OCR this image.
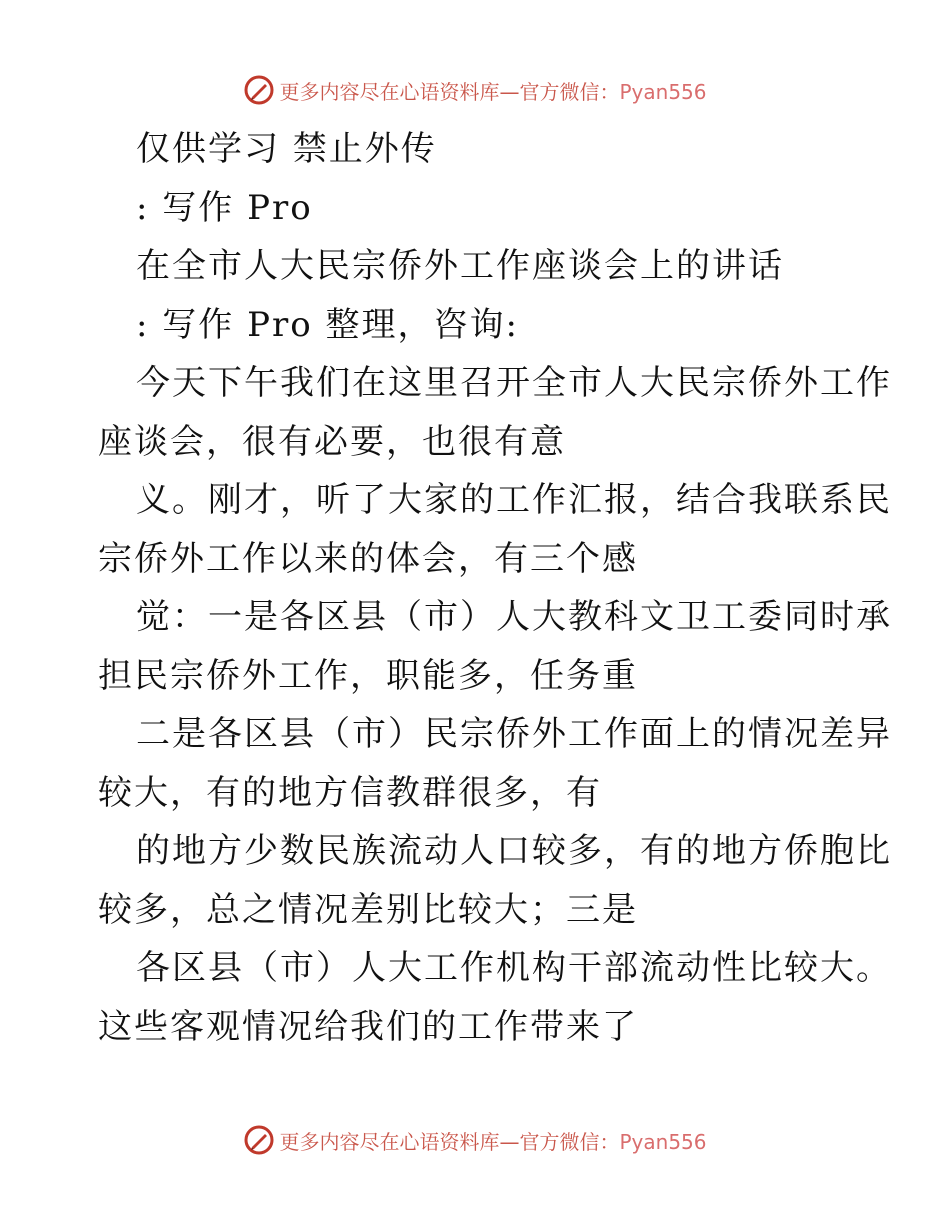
更多内容尽在心语资料库—官方微信：Pyan556
仅供学习 禁止外传
: 写作 Pro
在全市人大民宗侨外工作座谈会上的讲话
: 写作 Pro 整理，咨询:
今天下午我们在这里召开全市人大民宗侨外工作
座谈会，很有必要，也很有意
义。刚才，听了大家的工作汇报，结合我联系民
宗侨外工作以来的体会，有三个感
觉：一是各区县（市）人大教科文卫工委同时承
担民宗侨外工作，职能多，任务重
二是各区县（市）民宗侨外工作面上的情况差异
较大，有的地方信教群很多，有
的地方少数民族流动人口较多，有的地方侨胞比
较多，总之情况差别比较大；三是
各区县（市）人大工作机构干部流动性比较大。
这些客观情况给我们的工作带来了
更多内容尽在心语资料库—官方微信：Pyan556
